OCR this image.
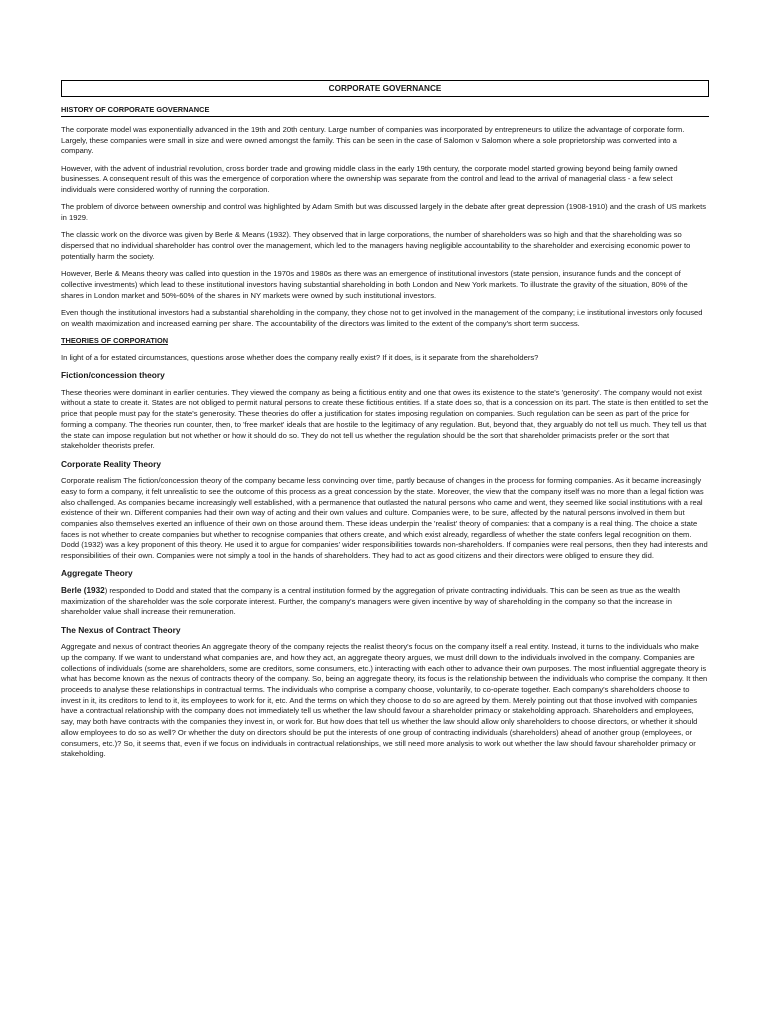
CORPORATE GOVERNANCE
HISTORY OF CORPORATE GOVERNANCE

The corporate model was exponentially advanced in the 19th and 20th century. Large number of companies was incorporated by entrepreneurs to utilize the advantage of corporate form. Largely, these companies were small in size and were owned amongst the family. This can be seen in the case of Salomon v Salomon where a sole proprietorship was converted into a company.

However, with the advent of industrial revolution, cross border trade and growing middle class in the early 19th century, the corporate model started growing beyond being family owned businesses. A consequent result of this was the emergence of corporation where the ownership was separate from the control and lead to the arrival of managerial class - a few select individuals were considered worthy of running the corporation.

The problem of divorce between ownership and control was highlighted by Adam Smith but was discussed largely in the debate after great depression (1908-1910) and the crash of US markets in 1929.

The classic work on the divorce was given by Berle & Means (1932). They observed that in large corporations, the number of shareholders was so high and that the shareholding was so dispersed that no individual shareholder has control over the management, which led to the managers having negligible accountability to the shareholder and exercising economic power to potentially harm the society.

However, Berle & Means theory was called into question in the 1970s and 1980s as there was an emergence of institutional investors (state pension, insurance funds and the concept of collective investments) which lead to these institutional investors having substantial shareholding in both London and New York markets. To illustrate the gravity of the situation, 80% of the shares in London market and 50%-60% of the shares in NY markets were owned by such institutional investors.

Even though the institutional investors had a substantial shareholding in the company, they chose not to get involved in the management of the company; i.e institutional investors only focused on wealth maximization and increased earning per share. The accountability of the directors was limited to the extent of the company's short term success.

THEORIES OF CORPORATION

In light of a for estated circumstances, questions arose whether does the company really exist? If it does, is it separate from the shareholders?

Fiction/concession theory

These theories were dominant in earlier centuries. They viewed the company as being a fictitious entity and one that owes its existence to the state's 'generosity'. The company would not exist without a state to create it. States are not obliged to permit natural persons to create these fictitious entities. If a state does so, that is a concession on its part. The state is then entitled to set the price that people must pay for the state's generosity. These theories do offer a justification for states imposing regulation on companies. Such regulation can be seen as part of the price for forming a company. The theories run counter, then, to 'free market' ideals that are hostile to the legitimacy of any regulation. But, beyond that, they arguably do not tell us much. They tell us that the state can impose regulation but not whether or how it should do so. They do not tell us whether the regulation should be the sort that shareholder primacists prefer or the sort that stakeholder theorists prefer.

Corporate Reality Theory

Corporate realism The fiction/concession theory of the company became less convincing over time, partly because of changes in the process for forming companies. As it became increasingly easy to form a company, it felt unrealistic to see the outcome of this process as a great concession by the state. Moreover, the view that the company itself was no more than a legal fiction was also challenged. As companies became increasingly well established, with a permanence that outlasted the natural persons who came and went, they seemed like social institutions with a real existence of their wn. Different companies had their own way of acting and their own values and culture. Companies were, to be sure, affected by the natural persons involved in them but companies also themselves exerted an influence of their own on those around them. These ideas underpin the 'realist' theory of companies: that a company is a real thing. The choice a state faces is not whether to create companies but whether to recognise companies that others create, and which exist already, regardless of whether the state confers legal recognition on them. Dodd (1932) was a key proponent of this theory. He used it to argue for companies' wider responsibilities towards non-shareholders. If companies were real persons, then they had interests and responsibilities of their own. Companies were not simply a tool in the hands of shareholders. They had to act as good citizens and their directors were obliged to ensure they did.

Aggregate Theory

Berle (1932) responded to Dodd and stated that the company is a central institution formed by the aggregation of private contracting individuals. This can be seen as true as the wealth maximization of the shareholder was the sole corporate interest. Further, the company's managers were given incentive by way of shareholding in the company so that the increase in shareholder value shall increase their remuneration.

The Nexus of Contract Theory

Aggregate and nexus of contract theories An aggregate theory of the company rejects the realist theory's focus on the company itself a real entity. Instead, it turns to the individuals who make up the company. If we want to understand what companies are, and how they act, an aggregate theory argues, we must drill down to the individuals involved in the company. Companies are collections of individuals (some are shareholders, some are creditors, some consumers, etc.) interacting with each other to advance their own purposes. The most influential aggregate theory is what has become known as the nexus of contracts theory of the company. So, being an aggregate theory, its focus is the relationship between the individuals who comprise the company. It then proceeds to analyse these relationships in contractual terms. The individuals who comprise a company choose, voluntarily, to co-operate together. Each company's shareholders choose to invest in it, its creditors to lend to it, its employees to work for it, etc. And the terms on which they choose to do so are agreed by them. Merely pointing out that those involved with companies have a contractual relationship with the company does not immediately tell us whether the law should favour a shareholder primacy or stakeholding approach. Shareholders and employees, say, may both have contracts with the companies they invest in, or work for. But how does that tell us whether the law should allow only shareholders to choose directors, or whether it should allow employees to do so as well? Or whether the duty on directors should be put the interests of one group of contracting individuals (shareholders) ahead of another group (employees, or consumers, etc.)? So, it seems that, even if we focus on individuals in contractual relationships, we still need more analysis to work out whether the law should favour shareholder primacy or stakeholding.
